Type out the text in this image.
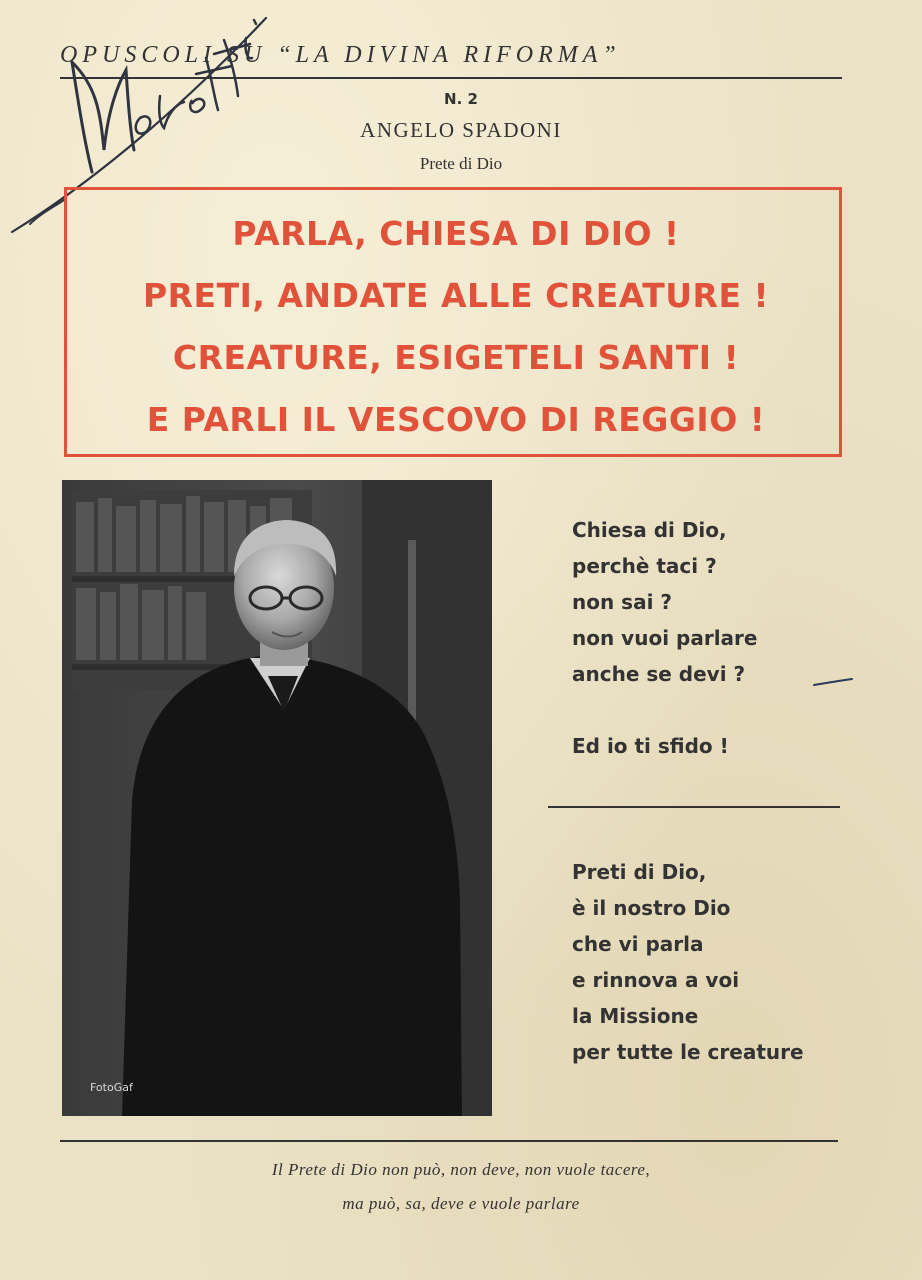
OPUSCOLI SU “LA DIVINA RIFORMA”
N. 2
ANGELO SPADONI
Prete di Dio
PARLA, CHIESA DI DIO !
PRETI, ANDATE ALLE CREATURE !
CREATURE, ESIGETELI SANTI !
E PARLI IL VESCOVO DI REGGIO !
FotoGaf
Chiesa di Dio,
perchè taci ?
non sai ?
non vuoi parlare
anche se devi ?
Ed io ti sfido !
Preti di Dio,
è il nostro Dio
che vi parla
e rinnova a voi
la Missione
per tutte le creature
Il Prete di Dio non può, non deve, non vuole tacere,
ma può, sa, deve e vuole parlare
